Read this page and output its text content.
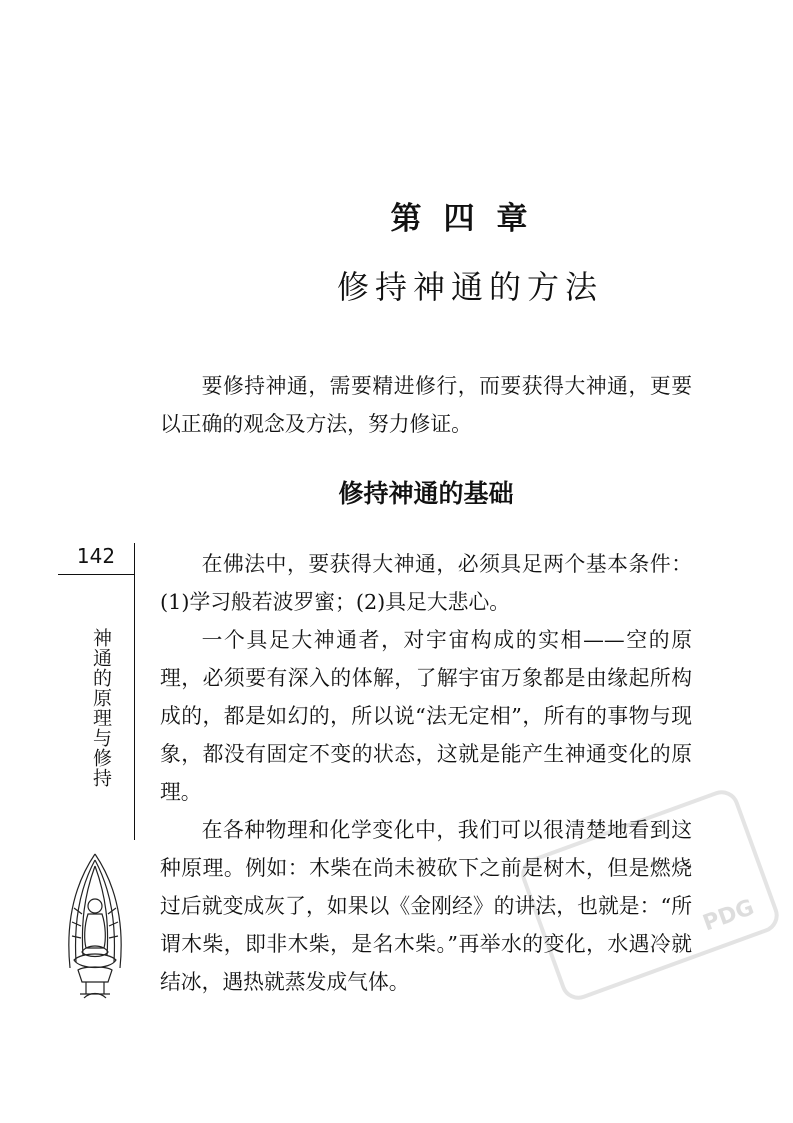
第四章
修持神通的方法

要修持神通，需要精进修行，而要获得大神通，更要以正确的观念及方法，努力修证。

修持神通的基础

在佛法中，要获得大神通，必须具足两个基本条件：(1)学习般若波罗蜜；(2)具足大悲心。

一个具足大神通者，对宇宙构成的实相——空的原理，必须要有深入的体解，了解宇宙万象都是由缘起所构成的，都是如幻的，所以说“法无定相”，所有的事物与现象，都没有固定不变的状态，这就是能产生神通变化的原理。

在各种物理和化学变化中，我们可以很清楚地看到这种原理。例如：木柴在尚未被砍下之前是树木，但是燃烧过后就变成灰了，如果以《金刚经》的讲法，也就是：“所谓木柴，即非木柴，是名木柴。”再举水的变化，水遇冷就结冰，遇热就蒸发成气体。

142
神通的原理与修持
PDG
